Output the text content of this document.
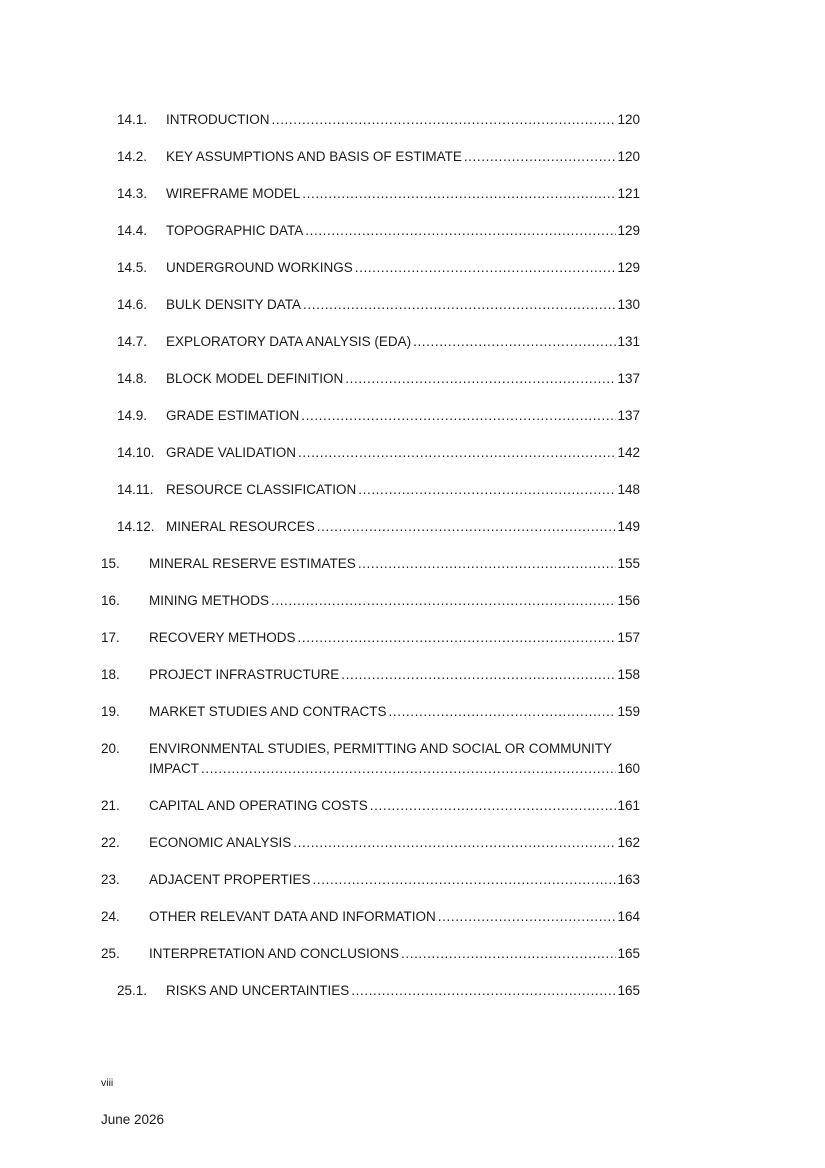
14.1.	INTRODUCTION .....	120
14.2.	KEY ASSUMPTIONS AND BASIS OF ESTIMATE .....	120
14.3.	WIREFRAME MODEL .....	121
14.4.	TOPOGRAPHIC DATA .....	129
14.5.	UNDERGROUND WORKINGS .....	129
14.6.	BULK DENSITY DATA .....	130
14.7.	EXPLORATORY DATA ANALYSIS (EDA) .....	131
14.8.	BLOCK MODEL DEFINITION .....	137
14.9.	GRADE ESTIMATION .....	137
14.10. GRADE VALIDATION .....	142
14.11. RESOURCE CLASSIFICATION .....	148
14.12. MINERAL RESOURCES .....	149
15.	MINERAL RESERVE ESTIMATES .....	155
16.	MINING METHODS .....	156
17.	RECOVERY METHODS .....	157
18.	PROJECT INFRASTRUCTURE .....	158
19.	MARKET STUDIES AND CONTRACTS .....	159
20.	ENVIRONMENTAL STUDIES, PERMITTING AND SOCIAL OR COMMUNITY
IMPACT .....	160
21.	CAPITAL AND OPERATING COSTS .....	161
22.	ECONOMIC ANALYSIS .....	162
23.	ADJACENT PROPERTIES .....	163
24.	OTHER RELEVANT DATA AND INFORMATION .....	164
25.	INTERPRETATION AND CONCLUSIONS .....	165
25.1.	RISKS AND UNCERTAINTIES .....	165
viii
June 2026
